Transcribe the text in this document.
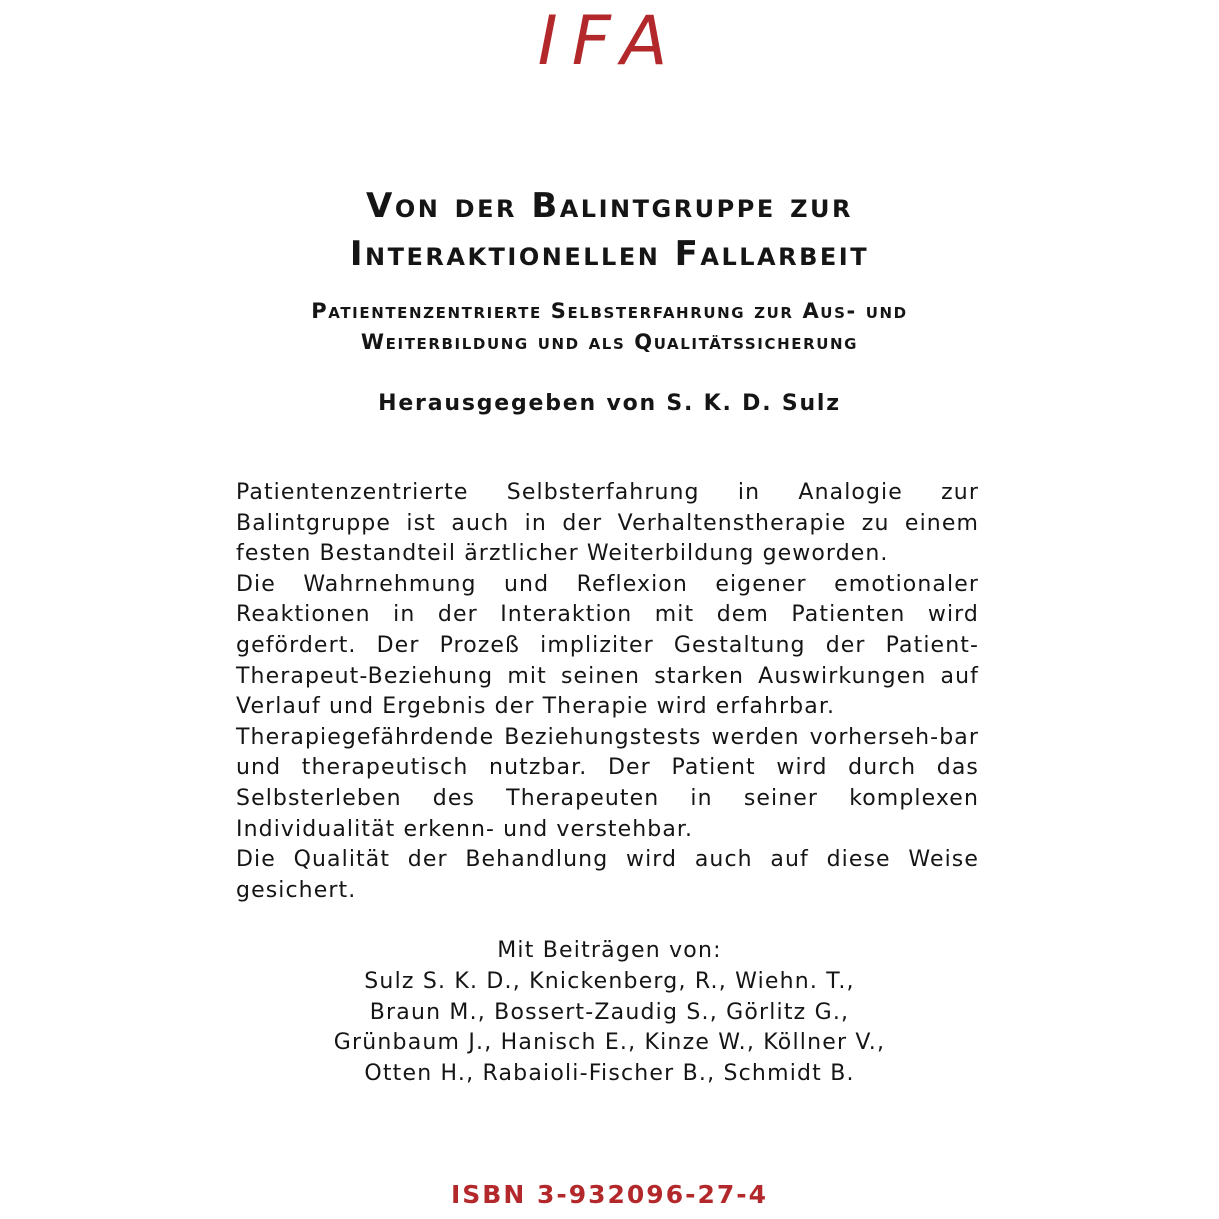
IFA
Von der Balintgruppe zur
Interaktionellen Fallarbeit
Patientenzentrierte Selbsterfahrung zur Aus- und
Weiterbildung und als Qualitätssicherung
Herausgegeben von S. K. D. Sulz

Patientenzentrierte Selbsterfahrung in Analogie zur Balintgruppe ist auch in der Verhaltenstherapie zu einem festen Bestandteil ärztlicher Weiterbildung geworden.

Die Wahrnehmung und Reflexion eigener emotionaler Reaktionen in der Interaktion mit dem Patienten wird gefördert. Der Prozeß impliziter Gestaltung der Patient-Therapeut-Beziehung mit seinen starken Auswirkungen auf Verlauf und Ergebnis der Therapie wird erfahrbar.

Therapiegefährdende Beziehungstests werden vorherseh-bar und therapeutisch nutzbar. Der Patient wird durch das Selbsterleben des Therapeuten in seiner komplexen Individualität erkenn- und verstehbar.

Die Qualität der Behandlung wird auch auf diese Weise gesichert.

Mit Beiträgen von:
Sulz S. K. D., Knickenberg, R., Wiehn. T.,
Braun M., Bossert-Zaudig S., Görlitz G.,
Grünbaum J., Hanisch E., Kinze W., Köllner V.,
Otten H., Rabaioli-Fischer B., Schmidt B.
ISBN 3-932096-27-4
